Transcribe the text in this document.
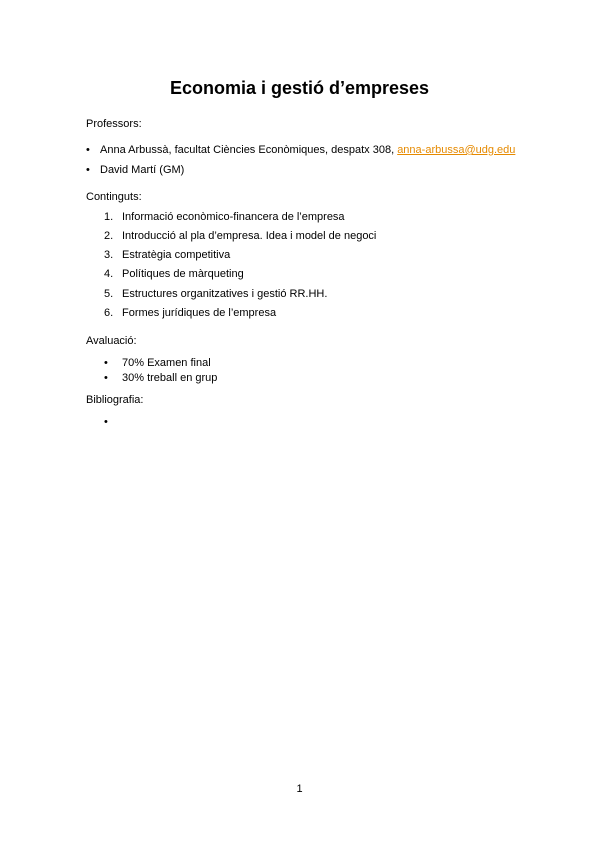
Economia i gestió d’empreses

Professors:

• Anna Arbussà, facultat Ciències Econòmiques, despatx 308, anna-arbussa@udg.edu
• David Martí (GM)

Continguts:

1. Informació econòmico-financera de l’empresa
2. Introducció al pla d’empresa. Idea i model de negoci
3. Estratègia competitiva
4. Polítiques de màrqueting
5. Estructures organitzatives i gestió RR.HH.
6. Formes jurídiques de l’empresa

Avaluació:

• 70% Examen final
• 30% treball en grup

Bibliografia:

•
1
